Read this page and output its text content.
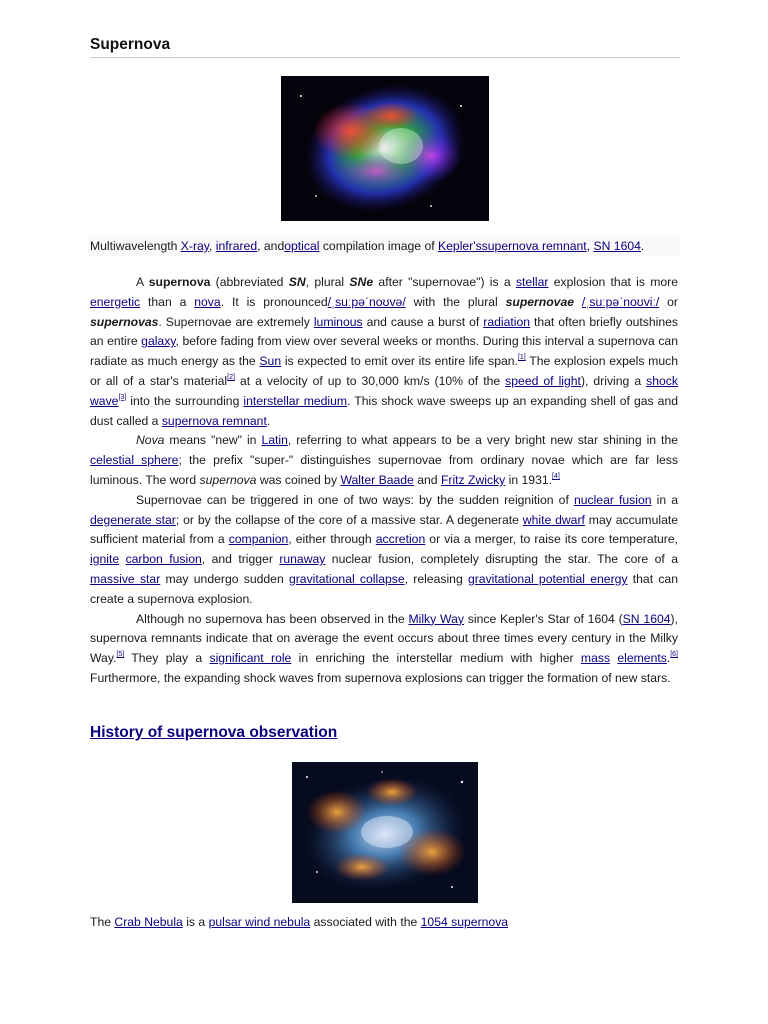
Supernova
Multiwavelength X-ray, infrared, andoptical compilation image of Kepler'ssupernova remnant, SN 1604.

A supernova (abbreviated SN, plural SNe after "supernovae") is a stellar explosion that is more energetic than a nova. It is pronounced/ˌsuːpəˈnoʊvə/ with the plural supernovae /ˌsuːpəˈnoʊviː/ or supernovas. Supernovae are extremely luminous and cause a burst of radiation that often briefly outshines an entire galaxy, before fading from view over several weeks or months. During this interval a supernova can radiate as much energy as the Sun is expected to emit over its entire life span.[1] The explosion expels much or all of a star's material[2] at a velocity of up to 30,000 km/s (10% of the speed of light), driving a shock wave[3] into the surrounding interstellar medium. This shock wave sweeps up an expanding shell of gas and dust called a supernova remnant.

Nova means "new" in Latin, referring to what appears to be a very bright new star shining in the celestial sphere; the prefix "super-" distinguishes supernovae from ordinary novae which are far less luminous. The word supernova was coined by Walter Baade and Fritz Zwicky in 1931.[4]

Supernovae can be triggered in one of two ways: by the sudden reignition of nuclear fusion in a degenerate star; or by the collapse of the core of a massive star. A degenerate white dwarf may accumulate sufficient material from a companion, either through accretion or via a merger, to raise its core temperature, ignite carbon fusion, and trigger runaway nuclear fusion, completely disrupting the star. The core of a massive star may undergo sudden gravitational collapse, releasing gravitational potential energy that can create a supernova explosion.

Although no supernova has been observed in the Milky Way since Kepler's Star of 1604 (SN 1604), supernova remnants indicate that on average the event occurs about three times every century in the Milky Way.[5] They play a significant role in enriching the interstellar medium with higher mass elements.[6] Furthermore, the expanding shock waves from supernova explosions can trigger the formation of new stars.

History of supernova observation
The Crab Nebula is a pulsar wind nebula associated with the 1054 supernova
